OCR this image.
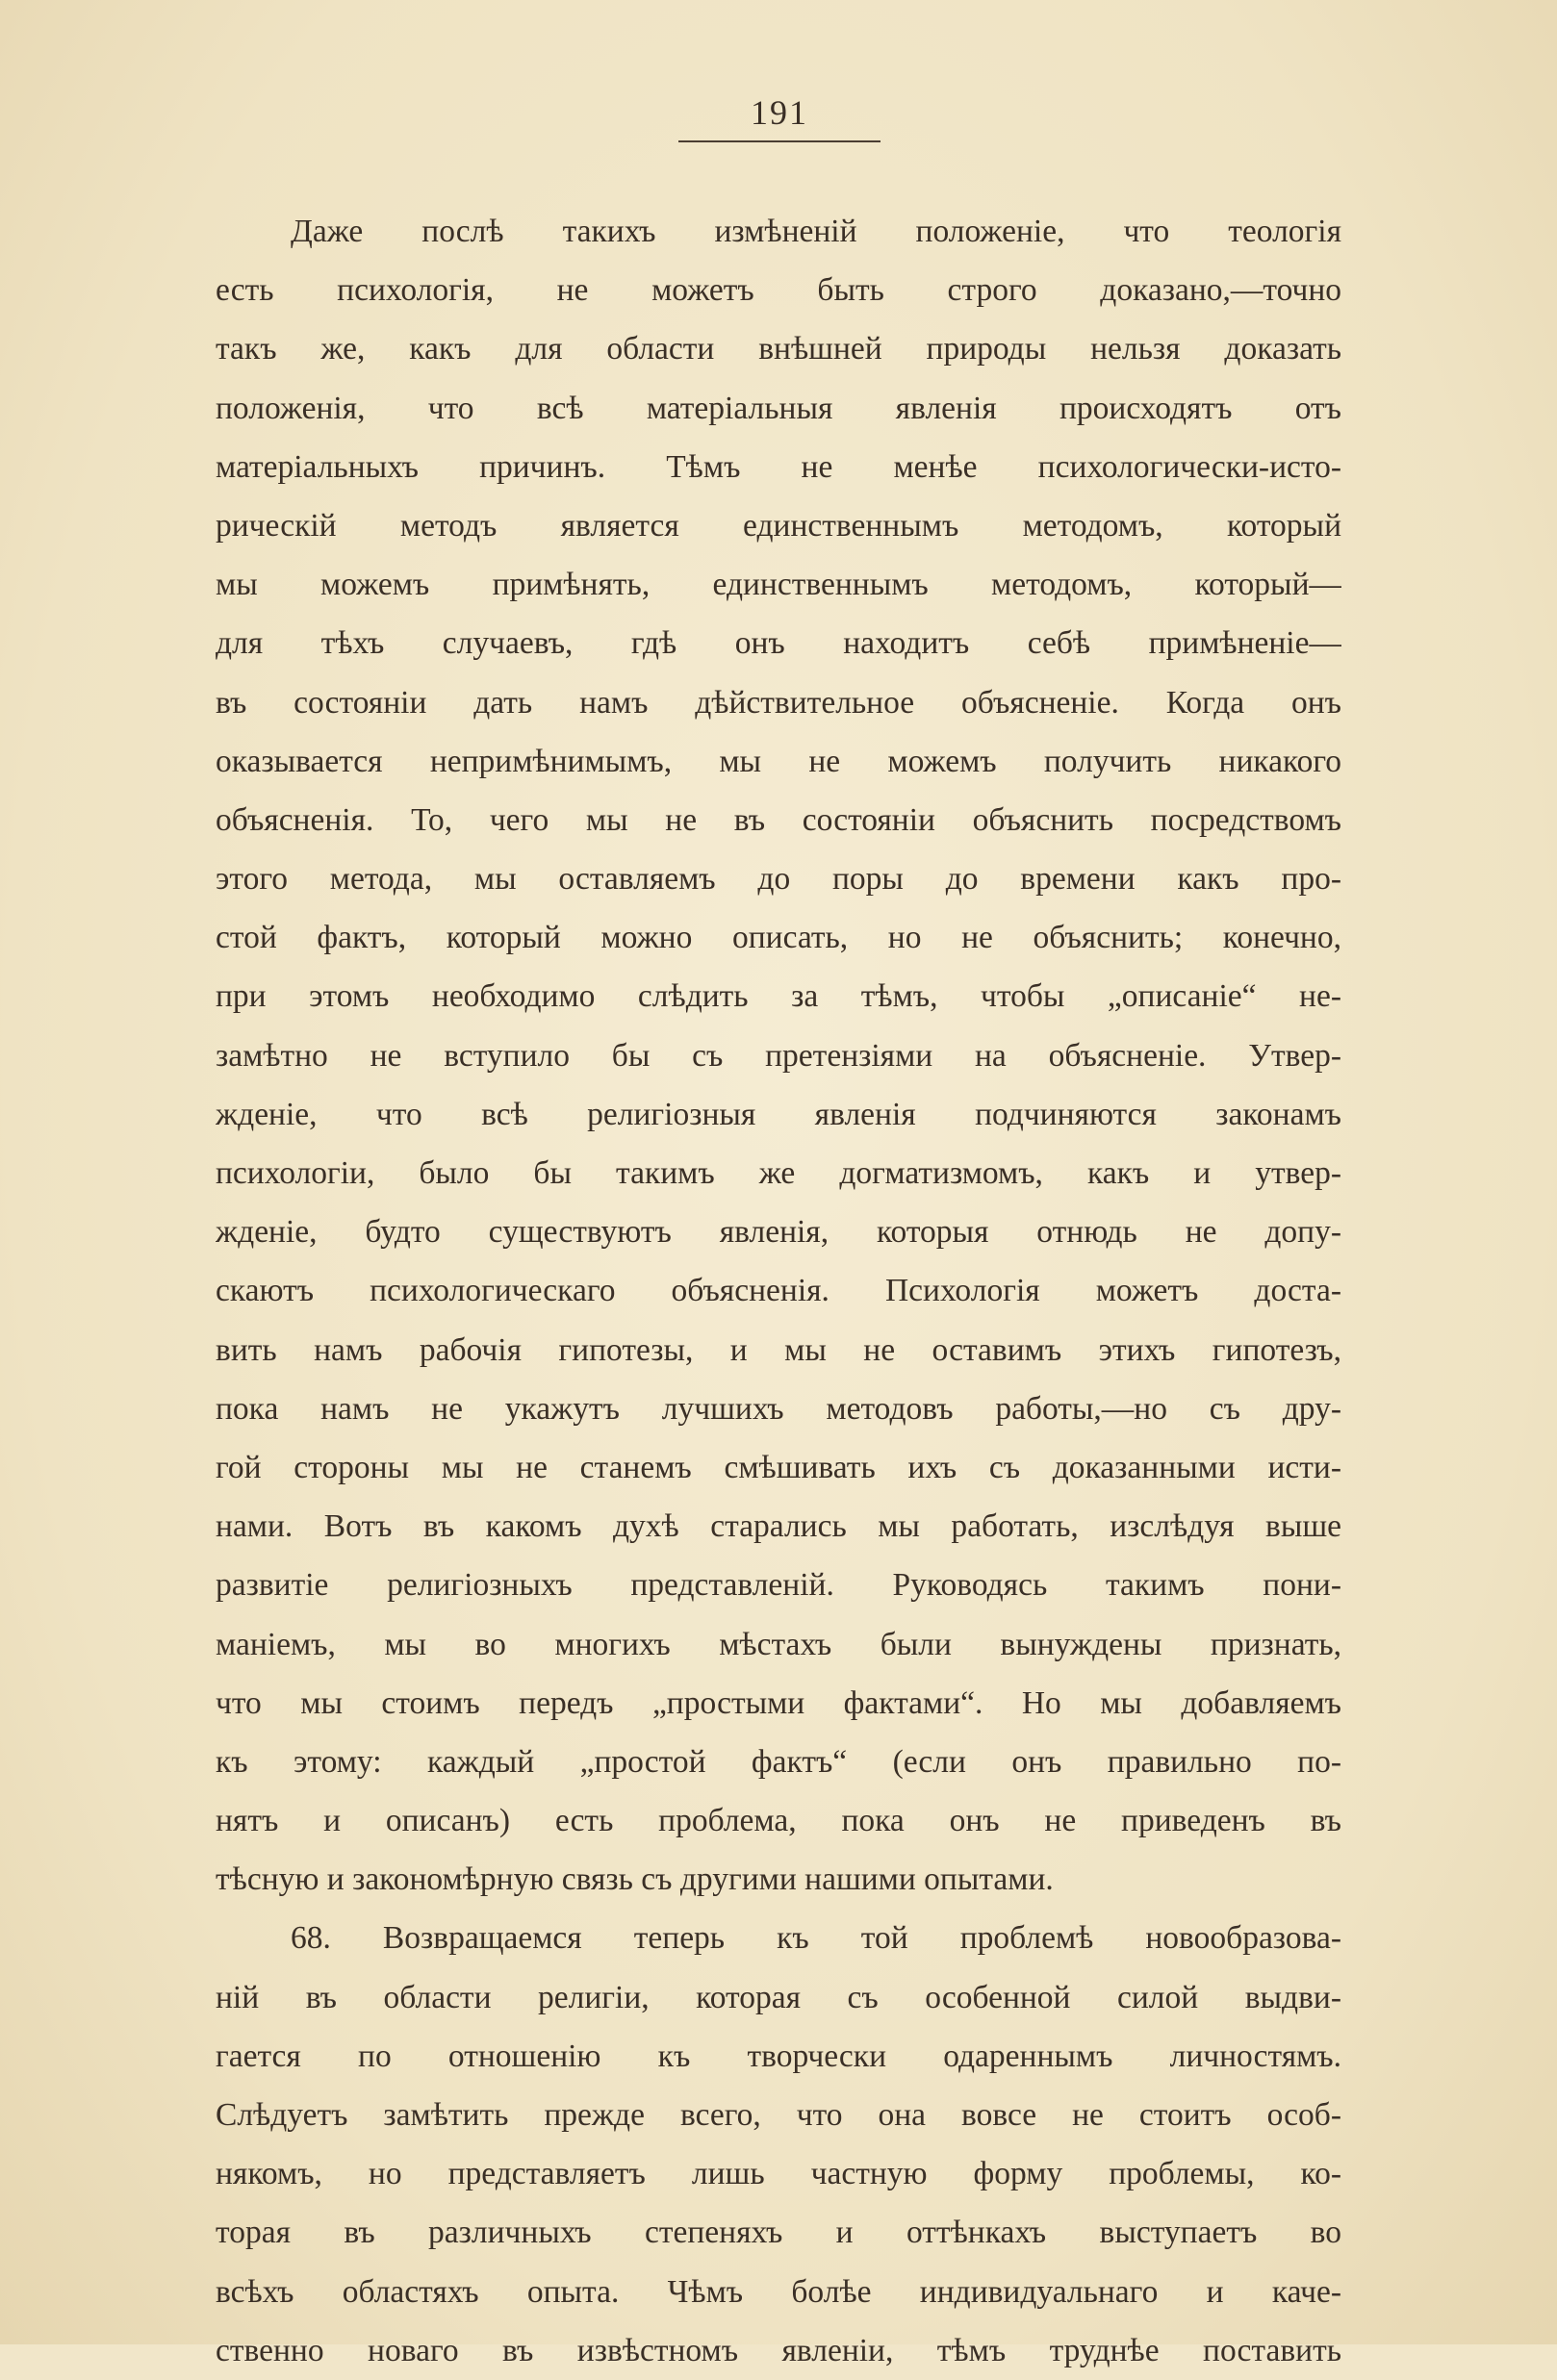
191
Даже послѣ такихъ измѣненій положеніе, что теологія
есть психологія, не можетъ быть строго доказано,—точно
такъ же, какъ для области внѣшней природы нельзя доказать
положенія, что всѣ матеріальныя явленія происходятъ отъ
матеріальныхъ причинъ. Тѣмъ не менѣе психологически-исто-
рическій методъ является единственнымъ методомъ, который
мы можемъ примѣнять, единственнымъ методомъ, который—
для тѣхъ случаевъ, гдѣ онъ находитъ себѣ примѣненіе—
въ состояніи дать намъ дѣйствительное объясненіе. Когда онъ
оказывается непримѣнимымъ, мы не можемъ получить никакого
объясненія. То, чего мы не въ состояніи объяснить посредствомъ
этого метода, мы оставляемъ до поры до времени какъ про-
стой фактъ, который можно описать, но не объяснить; конечно,
при этомъ необходимо слѣдить за тѣмъ, чтобы „описаніе“ не-
замѣтно не вступило бы съ претензіями на объясненіе. Утвер-
жденіе, что всѣ религіозныя явленія подчиняются законамъ
психологіи, было бы такимъ же догматизмомъ, какъ и утвер-
жденіе, будто существуютъ явленія, которыя отнюдь не допу-
скаютъ психологическаго объясненія. Психологія можетъ доста-
вить намъ рабочія гипотезы, и мы не оставимъ этихъ гипотезъ,
пока намъ не укажутъ лучшихъ методовъ работы,—но съ дру-
гой стороны мы не станемъ смѣшивать ихъ съ доказанными исти-
нами. Вотъ въ какомъ духѣ старались мы работать, изслѣдуя выше
развитіе религіозныхъ представленій. Руководясь такимъ пони-
маніемъ, мы во многихъ мѣстахъ были вынуждены признать,
что мы стоимъ передъ „простыми фактами“. Но мы добавляемъ
къ этому: каждый „простой фактъ“ (если онъ правильно по-
нятъ и описанъ) есть проблема, пока онъ не приведенъ въ
тѣсную и закономѣрную связь съ другими нашими опытами.
68. Возвращаемся теперь къ той проблемѣ новообразова-
ній въ области религіи, которая съ особенной силой выдви-
гается по отношенію къ творчески одареннымъ личностямъ.
Слѣдуетъ замѣтить прежде всего, что она вовсе не стоитъ особ-
някомъ, но представляетъ лишь частную форму проблемы, ко-
торая въ различныхъ степеняхъ и оттѣнкахъ выступаетъ во
всѣхъ областяхъ опыта. Чѣмъ болѣе индивидуальнаго и каче-
ственно новаго въ извѣстномъ явленіи, тѣмъ труднѣе поставить
